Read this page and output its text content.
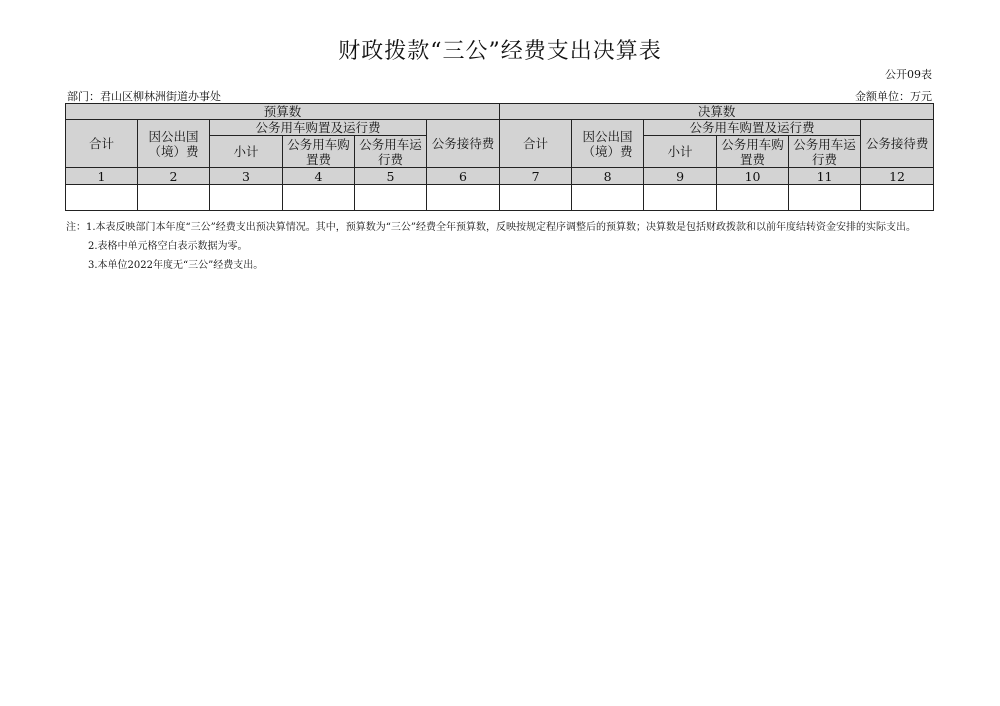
财政拨款“三公”经费支出决算表
公开09表
部门：君山区柳林洲街道办事处	金额单位：万元
预算数						决算数					
合计	因公出国（境）费	公务用车购置及运行费			公务接待费	合计	因公出国（境）费	公务用车购置及运行费			公务接待费
		小计	公务用车购置费	公务用车运行费				小计	公务用车购置费	公务用车运行费	
1	2	3	4	5	6	7	8	9	10	11	12

注：1.本表反映部门本年度“三公”经费支出预决算情况。其中，预算数为“三公”经费全年预算数，反映按规定程序调整后的预算数；决算数是包括财政拨款和以前年度结转资金安排的实际支出。

2.表格中单元格空白表示数据为零。
3.本单位2022年度无“三公”经费支出。
